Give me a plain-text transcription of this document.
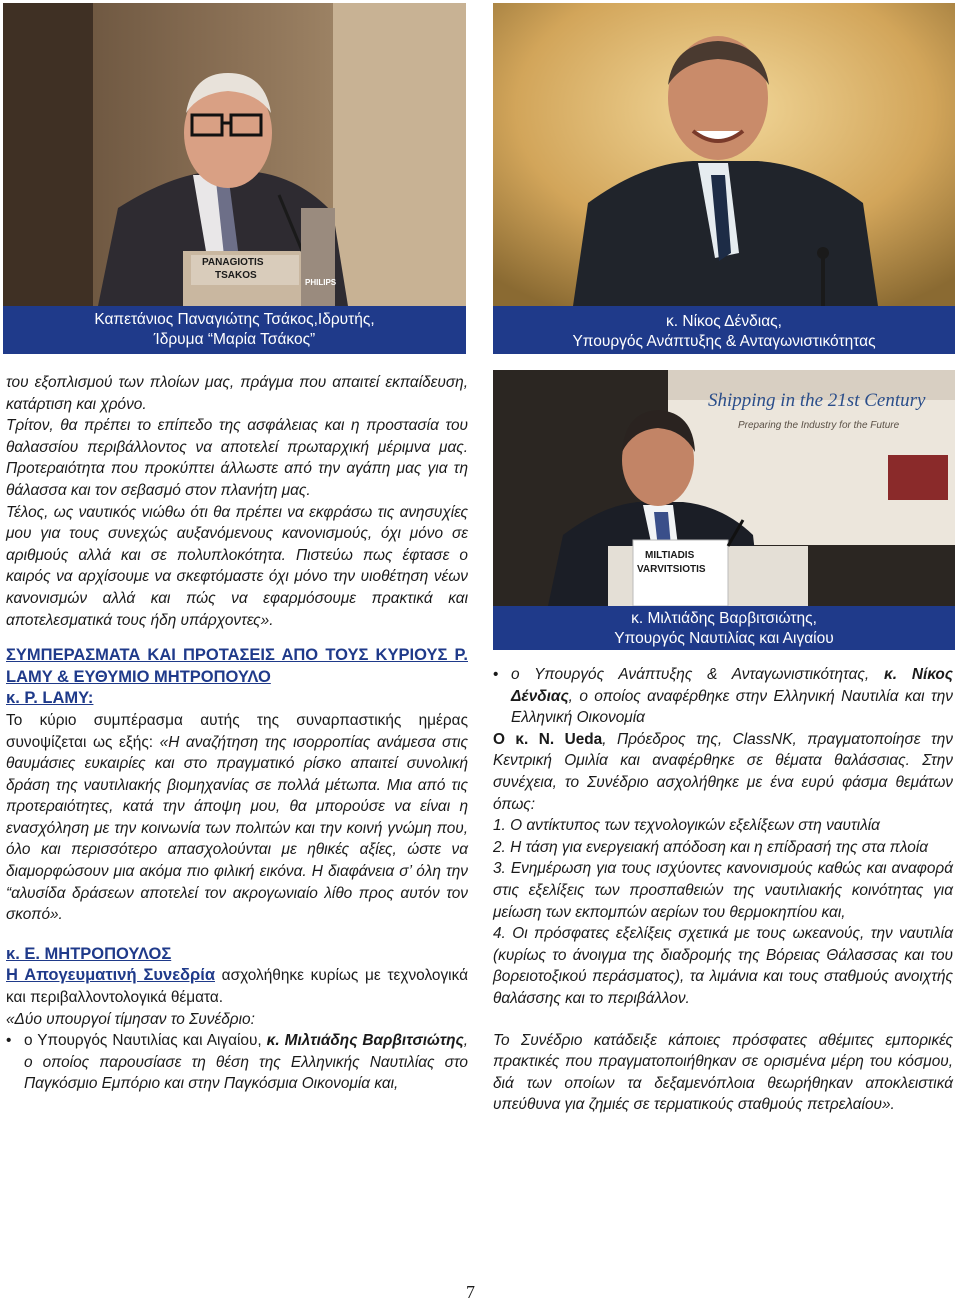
PHILIPS
PANAGIOTIS
TSAKOS
Καπετάνιος Παναγιώτης Τσάκος,Ιδρυτής,
Ίδρυμα “Μαρία Τσάκος”
κ. Νίκος Δένδιας,
Υπουργός Ανάπτυξης & Ανταγωνιστικότητας
Shipping in the 21st Century
Preparing the Industry for the Future
MILTIADIS
VARVITSIOTIS
κ. Μιλτιάδης Βαρβιτσιώτης,
Υπουργός Ναυτιλίας και Αιγαίου

του εξοπλισμού των πλοίων μας, πράγμα που απαιτεί εκπαίδευση, κατάρτιση και χρόνο.

Τρίτον, θα πρέπει το επίπεδο της ασφάλειας και η προστασία του θαλασσίου περιβάλλοντος να αποτελεί πρωταρχική μέριμνα μας. Προτεραιότητα που προκύπτει άλλωστε από την αγάπη μας για τη θάλασσα και τον σεβασμό στον πλανήτη μας.

Τέλος, ως ναυτικός νιώθω ότι θα πρέπει να εκφράσω τις ανησυχίες μου για τους συνεχώς αυξανόμενους κανονισμούς, όχι μόνο σε αριθμούς αλλά και σε πολυπλοκότητα. Πιστεύω πως έφτασε ο καιρός να αρχίσουμε να σκεφτόμαστε όχι μόνο την υιοθέτηση νέων κανονισμών αλλά και πώς να εφαρμόσουμε πρακτικά και αποτελεσματικά τους ήδη υπάρχοντες».

ΣΥΜΠΕΡΑΣΜΑΤΑ ΚΑΙ ΠΡΟΤΑΣΕΙΣ ΑΠΟ ΤΟΥΣ ΚΥΡΙΟΥΣ P. LAMY & ΕΥΘΥΜΙΟ ΜΗΤΡΟΠΟΥΛΟ

κ. P. LAMY:

Το κύριο συμπέρασμα αυτής της συναρπαστικής ημέρας συνοψίζεται ως εξής: «Η αναζήτηση της ισορροπίας ανάμεσα στις θαυμάσιες ευκαιρίες και στο πραγματικό ρίσκο απαιτεί συνολική δράση της ναυτιλιακής βιομηχανίας σε πολλά μέτωπα. Μια από τις προτεραιότητες, κατά την άποψη μου, θα μπορούσε να είναι η ενασχόληση με την κοινωνία των πολιτών και την κοινή γνώμη που, όλο και περισσότερο απασχολούνται με ηθικές αξίες, ώστε να διαμορφώσουν μια ακόμα πιο φιλική εικόνα. Η διαφάνεια σ’ όλη την “αλυσίδα δράσεων αποτελεί τον ακρογωνιαίο λίθο προς αυτόν τον σκοπό».

κ. Ε. ΜΗΤΡΟΠΟΥΛΟΣ

Η Απογευματινή Συνεδρία ασχολήθηκε κυρίως με τεχνολογικά και περιβαλλοντολογικά θέματα.

«Δύο υπουργοί τίμησαν το Συνέδριο:

• ο Υπουργός Ναυτιλίας και Αιγαίου, κ. Μιλτιάδης Βαρβιτσιώτης, ο οποίος παρουσίασε τη θέση της Ελληνικής Ναυτιλίας στο Παγκόσμιο Εμπόριο και στην Παγκόσμια Οικονομία και,

• ο Υπουργός Ανάπτυξης & Ανταγωνιστικότητας, κ. Νίκος Δένδιας, ο οποίος αναφέρθηκε στην Ελληνική Ναυτιλία και την Ελληνική Οικονομία

Ο κ. Ν. Ueda, Πρόεδρος της, ClassNK, πραγματοποίησε την Κεντρική Ομιλία και αναφέρθηκε σε θέματα θαλάσσιας. Στην συνέχεια, το Συνέδριο ασχολήθηκε με ένα ευρύ φάσμα θεμάτων όπως:

1. Ο αντίκτυπος των τεχνολογικών εξελίξεων στη ναυτιλία

2. Η τάση για ενεργειακή απόδοση και η επίδρασή της στα πλοία

3. Ενημέρωση για τους ισχύοντες κανονισμούς καθώς και αναφορά στις εξελίξεις των προσπαθειών της ναυτιλιακής κοινότητας για μείωση των εκπομπών αερίων του θερμοκηπίου και,

4. Οι πρόσφατες εξελίξεις σχετικά με τους ωκεανούς, την ναυτιλία (κυρίως το άνοιγμα της διαδρομής της Βόρειας Θάλασσας και του βορειοτοξικού περάσματος), τα λιμάνια και τους σταθμούς ανοιχτής θαλάσσης και το περιβάλλον.

Το Συνέδριο κατάδειξε κάποιες πρόσφατες αθέμιτες εμπορικές πρακτικές που πραγματοποιήθηκαν σε ορισμένα μέρη του κόσμου, διά των οποίων τα δεξαμενόπλοια θεωρήθηκαν αποκλειστικά υπεύθυνα για ζημιές σε τερματικούς σταθμούς πετρελαίου».

7
